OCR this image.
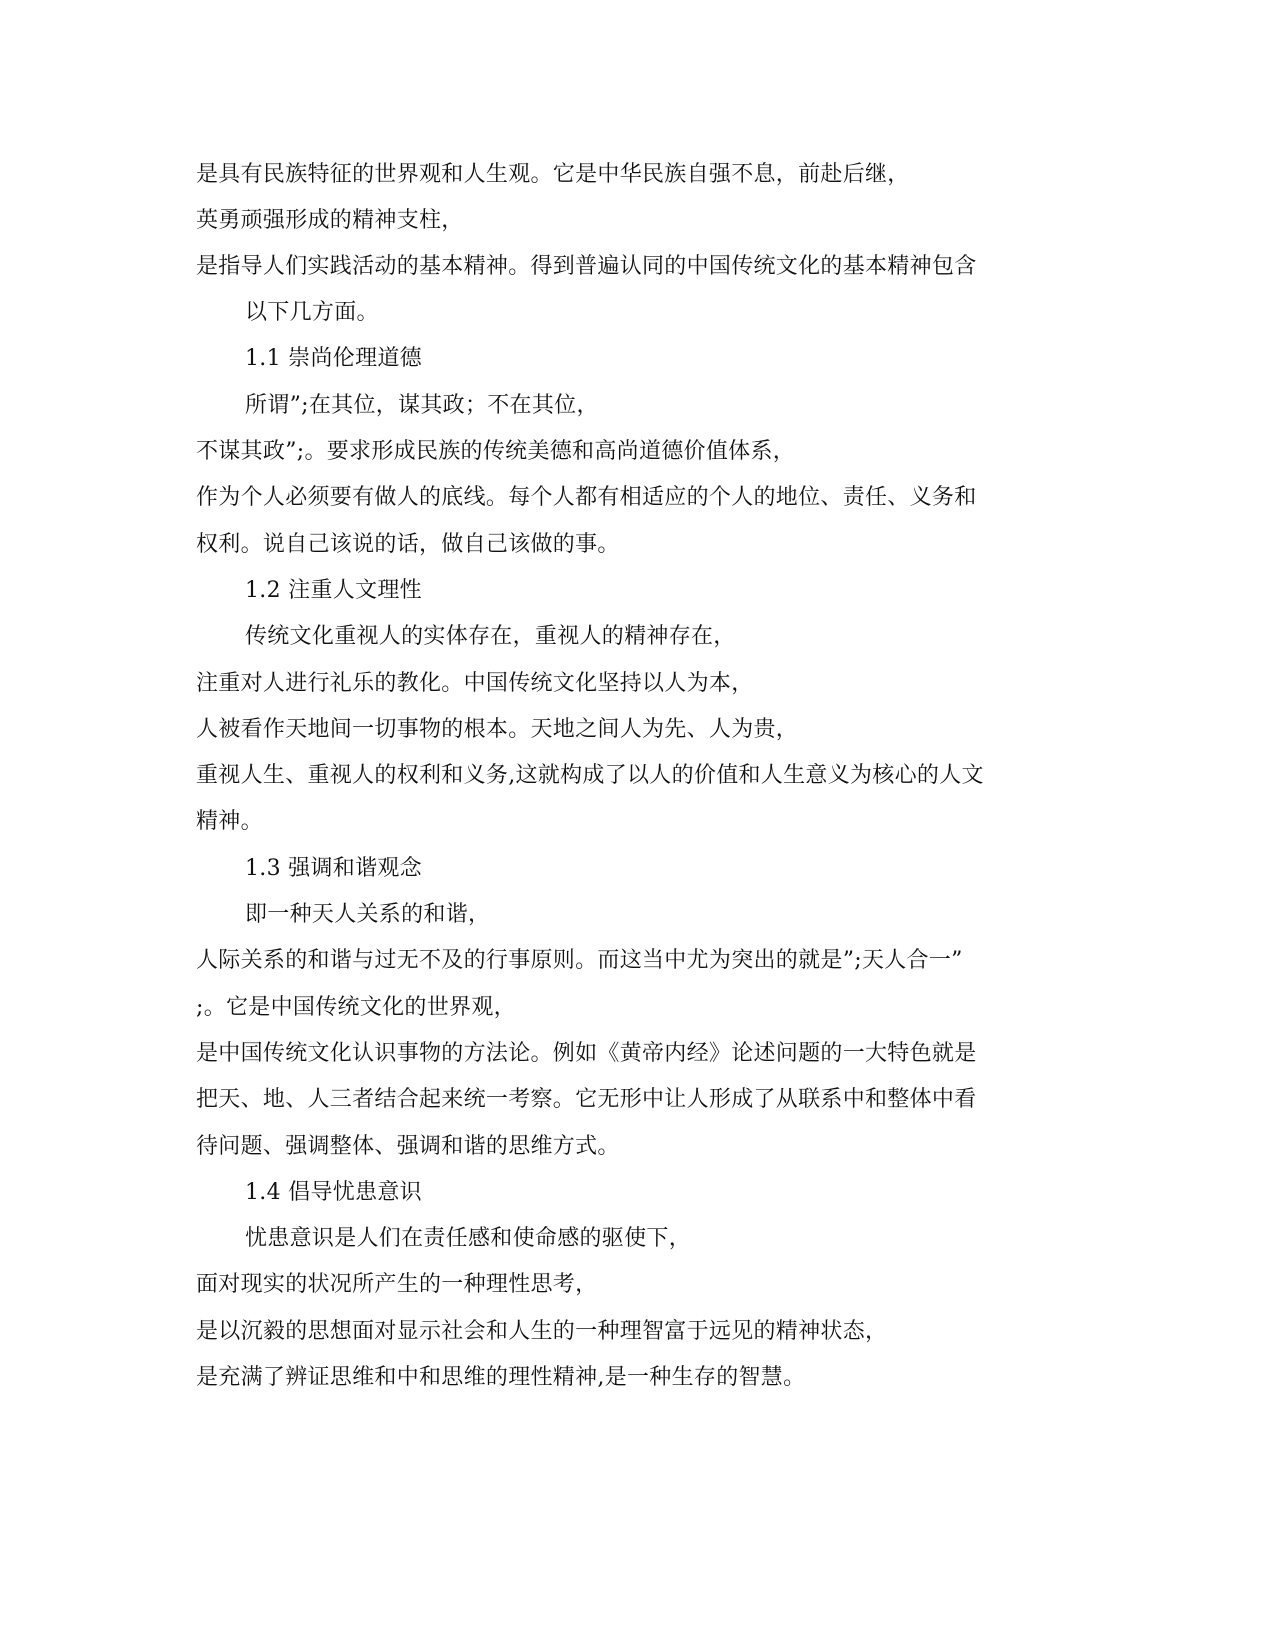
是具有民族特征的世界观和人生观。它是中华民族自强不息，前赴后继，
英勇顽强形成的精神支柱，
是指导人们实践活动的基本精神。得到普遍认同的中国传统文化的基本精神包含
以下几方面。
1.1 崇尚伦理道德
所谓”;在其位，谋其政；不在其位，
不谋其政”;。要求形成民族的传统美德和高尚道德价值体系，
作为个人必须要有做人的底线。每个人都有相适应的个人的地位、责任、义务和
权利。说自己该说的话，做自己该做的事。
1.2 注重人文理性
传统文化重视人的实体存在，重视人的精神存在，
注重对人进行礼乐的教化。中国传统文化坚持以人为本，
人被看作天地间一切事物的根本。天地之间人为先、人为贵，
重视人生、重视人的权利和义务,这就构成了以人的价值和人生意义为核心的人文
精神。
1.3 强调和谐观念
即一种天人关系的和谐，
人际关系的和谐与过无不及的行事原则。而这当中尤为突出的就是”;天人合一”
;。它是中国传统文化的世界观，
是中国传统文化认识事物的方法论。例如《黄帝内经》论述问题的一大特色就是
把天、地、人三者结合起来统一考察。它无形中让人形成了从联系中和整体中看
待问题、强调整体、强调和谐的思维方式。
1.4 倡导忧患意识
忧患意识是人们在责任感和使命感的驱使下，
面对现实的状况所产生的一种理性思考，
是以沉毅的思想面对显示社会和人生的一种理智富于远见的精神状态，
是充满了辨证思维和中和思维的理性精神,是一种生存的智慧。
